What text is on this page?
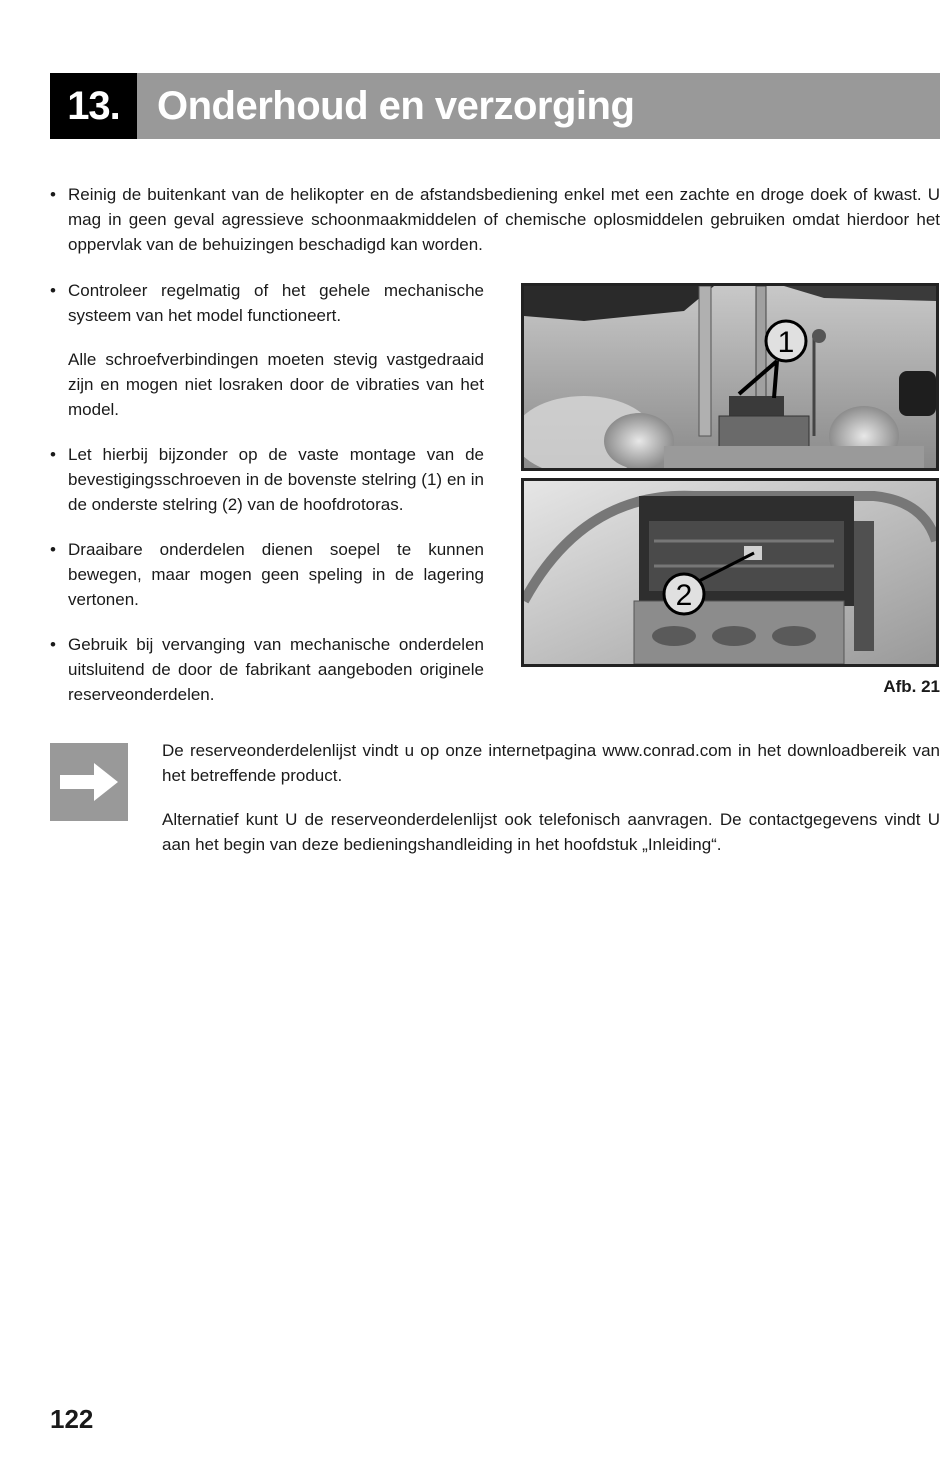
13. Onderhoud en verzorging
• Reinig de buitenkant van de helikopter en de afstandsbediening enkel met een zachte en droge doek of kwast. U mag in geen geval agressieve schoonmaakmiddelen of chemische oplosmiddelen gebruiken omdat hierdoor het oppervlak van de behuizingen beschadigd kan worden.

• Controleer regelmatig of het gehele mechanische systeem van het model functioneert.

Alle schroefverbindingen moeten stevig vastgedraaid zijn en mogen niet losraken door de vibraties van het model.

• Let hierbij bijzonder op de vaste montage van de bevestigingsschroeven in de bovenste stelring (1) en in de onderste stelring (2) van de hoofdrotoras.

• Draaibare onderdelen dienen soepel te kunnen bewegen, maar mogen geen speling in de lagering vertonen.

• Gebruik bij vervanging van mechanische onderdelen uitsluitend de door de fabrikant aangeboden originele reserveonderdelen.

1
2
Afb. 21

De reserveonderdelenlijst vindt u op onze internetpagina www.conrad.com in het downloadbereik van het betreffende product.

Alternatief kunt U de reserveonderdelenlijst ook telefonisch aanvragen. De contactgegevens vindt U aan het begin van deze bedieningshandleiding in het hoofdstuk „Inleiding“.

122
